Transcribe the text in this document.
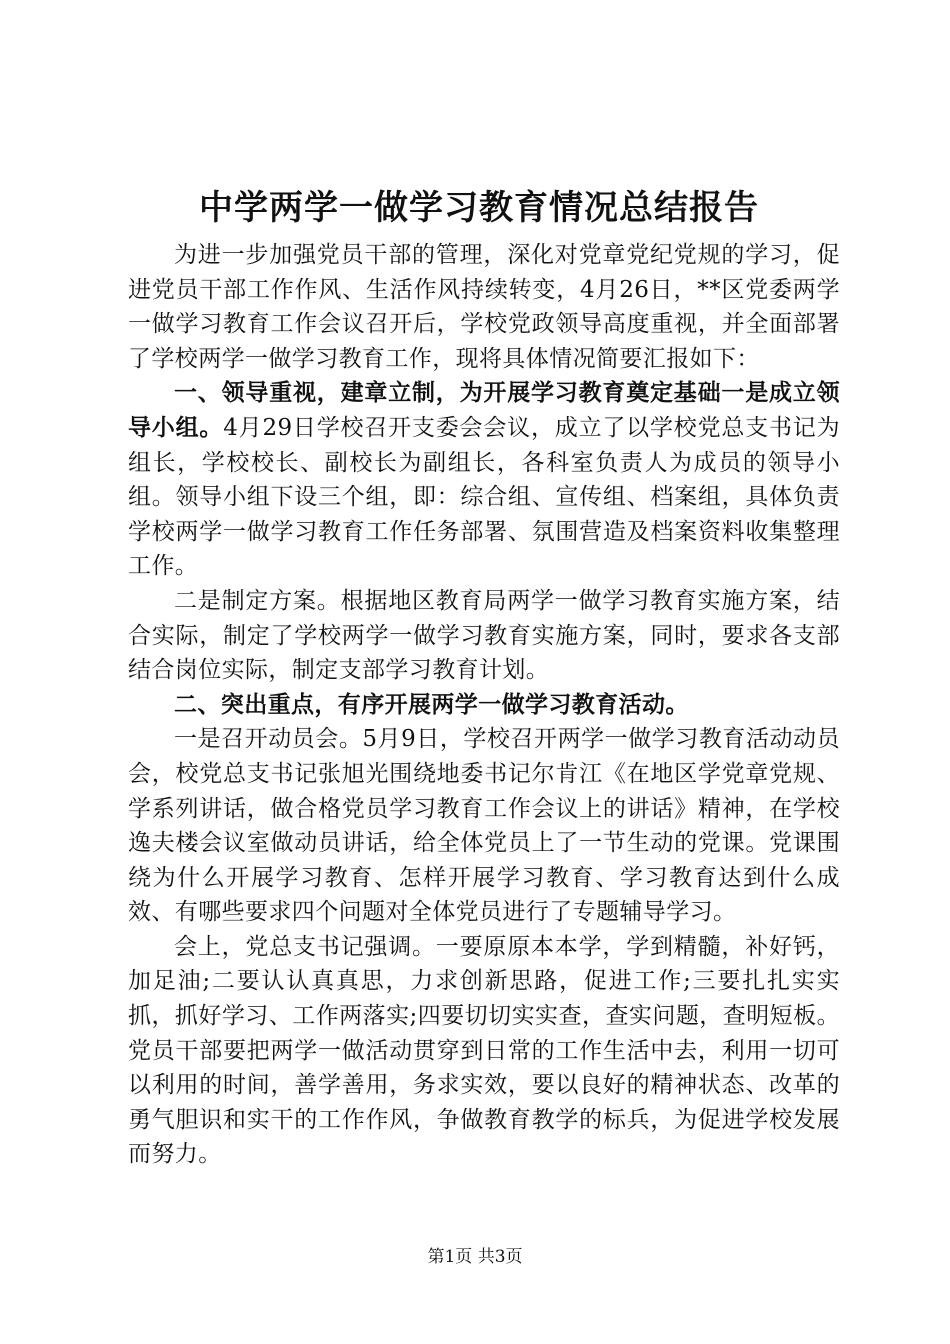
中学两学一做学习教育情况总结报告

为进一步加强党员干部的管理，深化对党章党纪党规的学习，促进党员干部工作作风、生活作风持续转变，4月26日，**区党委两学一做学习教育工作会议召开后，学校党政领导高度重视，并全面部署了学校两学一做学习教育工作，现将具体情况简要汇报如下：

一、领导重视，建章立制，为开展学习教育奠定基础一是成立领导小组。4月29日学校召开支委会会议，成立了以学校党总支书记为组长，学校校长、副校长为副组长，各科室负责人为成员的领导小组。领导小组下设三个组，即：综合组、宣传组、档案组，具体负责学校两学一做学习教育工作任务部署、氛围营造及档案资料收集整理工作。

二是制定方案。根据地区教育局两学一做学习教育实施方案，结合实际，制定了学校两学一做学习教育实施方案，同时，要求各支部结合岗位实际，制定支部学习教育计划。

二、突出重点，有序开展两学一做学习教育活动。

一是召开动员会。5月9日，学校召开两学一做学习教育活动动员会，校党总支书记张旭光围绕地委书记尔肯江《在地区学党章党规、学系列讲话，做合格党员学习教育工作会议上的讲话》精神，在学校逸夫楼会议室做动员讲话，给全体党员上了一节生动的党课。党课围绕为什么开展学习教育、怎样开展学习教育、学习教育达到什么成效、有哪些要求四个问题对全体党员进行了专题辅导学习。

会上，党总支书记强调。一要原原本本学，学到精髓，补好钙，加足油;二要认认真真思，力求创新思路，促进工作;三要扎扎实实抓，抓好学习、工作两落实;四要切切实实查，查实问题，查明短板。党员干部要把两学一做活动贯穿到日常的工作生活中去，利用一切可以利用的时间，善学善用，务求实效，要以良好的精神状态、改革的勇气胆识和实干的工作作风，争做教育教学的标兵，为促进学校发展而努力。

第1页 共3页
